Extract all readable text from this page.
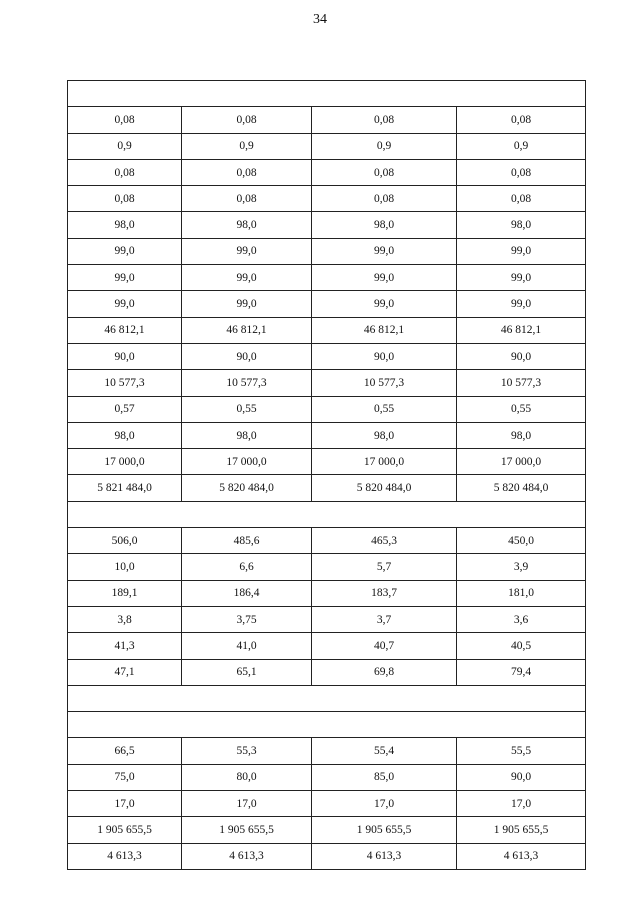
34

0,08	0,08	0,08	0,08
0,9	0,9	0,9	0,9
0,08	0,08	0,08	0,08
0,08	0,08	0,08	0,08
98,0	98,0	98,0	98,0
99,0	99,0	99,0	99,0
99,0	99,0	99,0	99,0
99,0	99,0	99,0	99,0
46 812,1	46 812,1	46 812,1	46 812,1
90,0	90,0	90,0	90,0
10 577,3	10 577,3	10 577,3	10 577,3
0,57	0,55	0,55	0,55
98,0	98,0	98,0	98,0
17 000,0	17 000,0	17 000,0	17 000,0
5 821 484,0	5 820 484,0	5 820 484,0	5 820 484,0

506,0	485,6	465,3	450,0
10,0	6,6	5,7	3,9
189,1	186,4	183,7	181,0
3,8	3,75	3,7	3,6
41,3	41,0	40,7	40,5
47,1	65,1	69,8	79,4

66,5	55,3	55,4	55,5
75,0	80,0	85,0	90,0
17,0	17,0	17,0	17,0
1 905 655,5	1 905 655,5	1 905 655,5	1 905 655,5
4 613,3	4 613,3	4 613,3	4 613,3
